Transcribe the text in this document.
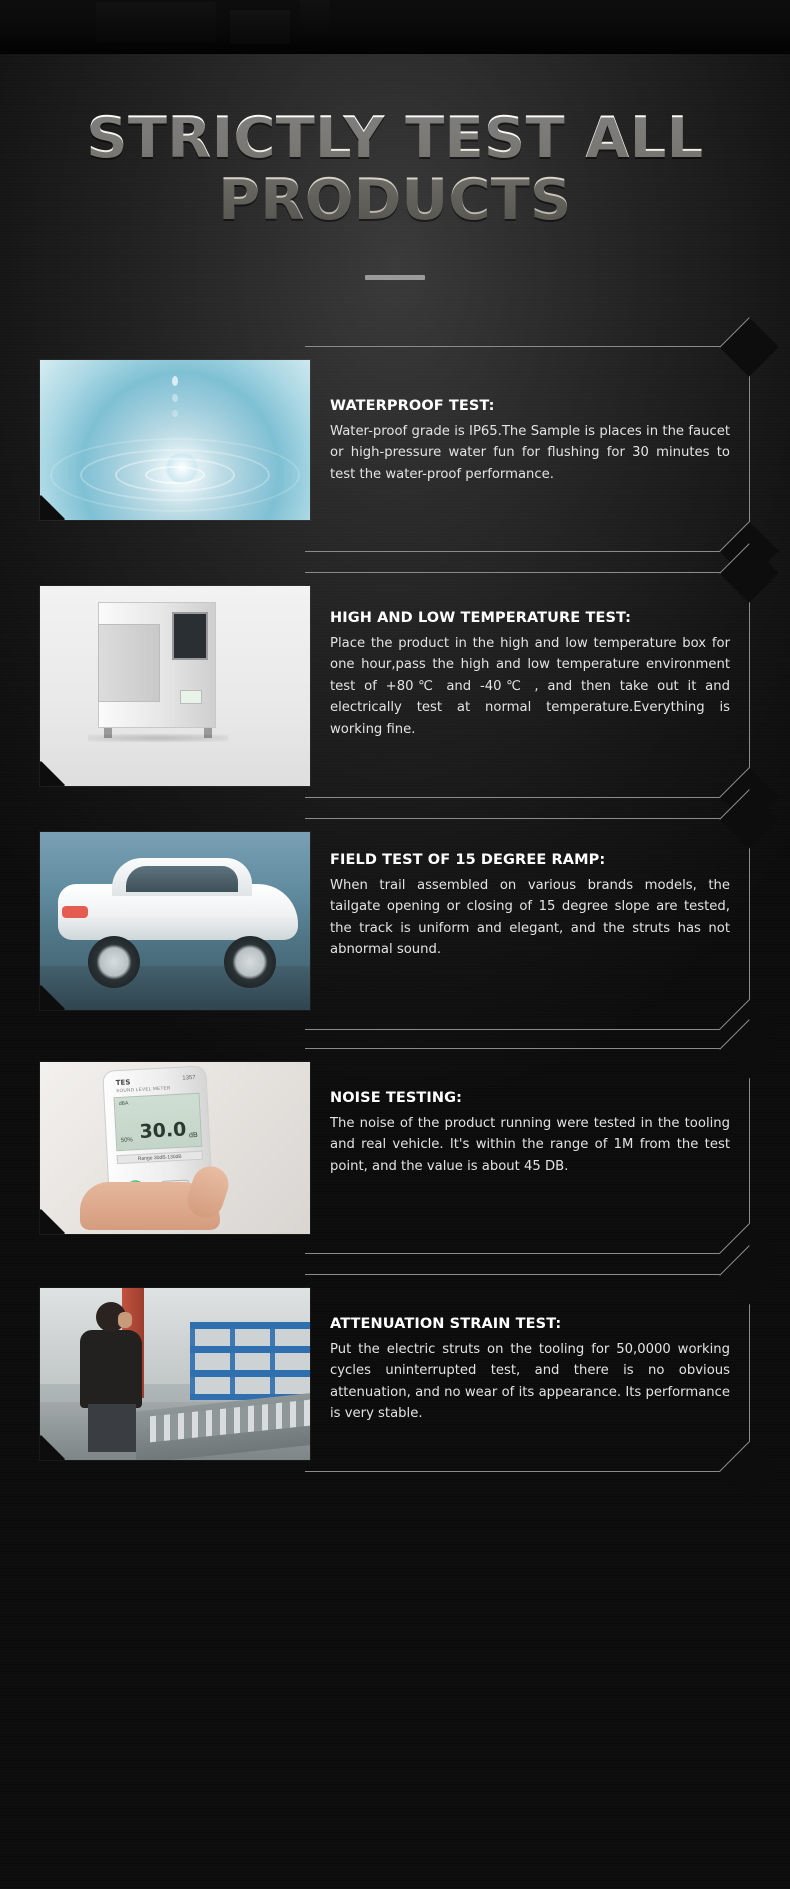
STRICTLY TEST ALL PRODUCTS
WATERPROOF TEST:

Water-proof grade is IP65.The Sample is places in the faucet or high-pressure water fun for flushing for 30 minutes to test the water-proof performance.

HIGH AND LOW TEMPERATURE TEST:

Place the product in the high and low temperature box for one hour,pass the high and low temperature environment test of +80℃ and -40℃ , and then take out it and electrically test at normal temperature.Everything is working fine.

FIELD TEST OF 15 DEGREE RAMP:

When trail assembled on various brands models, the tailgate opening or closing of 15 degree slope are tested, the track is uniform and elegant, and the struts has not abnormal sound.

TES
1357
SOUND LEVEL METER
dBA
50% 30.0 dB
Range 30dB-130dB
NOISE TESTING:

The noise of the product running were tested in the tooling and real vehicle. It's within the range of 1M from the test point, and the value is about 45 DB.

ATTENUATION STRAIN TEST:

Put the electric struts on the tooling for 50,0000 working cycles uninterrupted test, and there is no obvious attenuation, and no wear of its appearance. Its performance is very stable.
